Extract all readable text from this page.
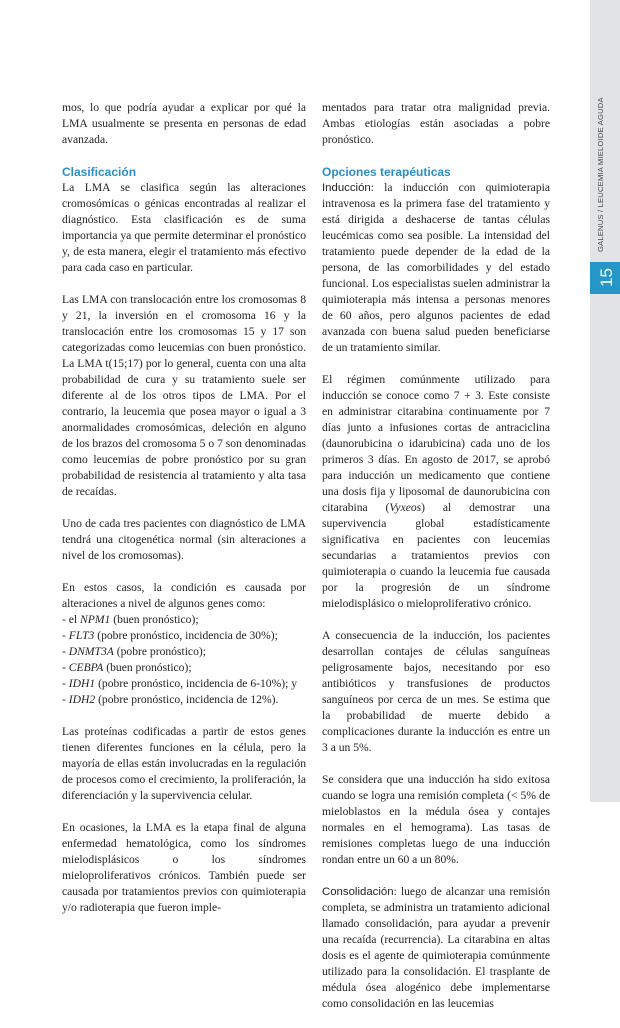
GALENUS / LEUCEMIA MIELOIDE AGUDA
15

mos, lo que podría ayudar a explicar por qué la LMA usualmente se presenta en personas de edad avanzada.

Clasificación

La LMA se clasifica según las alteraciones cromosómicas o génicas encontradas al realizar el diagnóstico. Esta clasificación es de suma importancia ya que permite determinar el pronóstico y, de esta manera, elegir el tratamiento más efectivo para cada caso en particular.

Las LMA con translocación entre los cromosomas 8 y 21, la inversión en el cromosoma 16 y la translocación entre los cromosomas 15 y 17 son categorizadas como leucemias con buen pronóstico. La LMA t(15;17) por lo general, cuenta con una alta probabilidad de cura y su tratamiento suele ser diferente al de los otros tipos de LMA. Por el contrario, la leucemia que posea mayor o igual a 3 anormalidades cromosómicas, deleción en alguno de los brazos del cromosoma 5 o 7 son denominadas como leucemias de pobre pronóstico por su gran probabilidad de resistencia al tratamiento y alta tasa de recaídas.

Uno de cada tres pacientes con diagnóstico de LMA tendrá una citogenética normal (sin alteraciones a nivel de los cromosomas).

En estos casos, la condición es causada por alteraciones a nivel de algunos genes como:

- el NPM1 (buen pronóstico);
- FLT3 (pobre pronóstico, incidencia de 30%);
- DNMT3A (pobre pronóstico);
- CEBPA (buen pronóstico);
- IDH1 (pobre pronóstico, incidencia de 6-10%); y
- IDH2 (pobre pronóstico, incidencia de 12%).

Las proteínas codificadas a partir de estos genes tienen diferentes funciones en la célula, pero la mayoría de ellas están involucradas en la regulación de procesos como el crecimiento, la proliferación, la diferenciación y la supervivencia celular.

En ocasiones, la LMA es la etapa final de alguna enfermedad hematológica, como los síndromes mielodisplásicos o los síndromes mieloproliferativos crónicos. También puede ser causada por tratamientos previos con quimioterapia y/o radioterapia que fueron imple-

mentados para tratar otra malignidad previa. Ambas etiologías están asociadas a pobre pronóstico.

Opciones terapéuticas

Inducción: la inducción con quimioterapia intravenosa es la primera fase del tratamiento y está dirigida a deshacerse de tantas células leucémicas como sea posible. La intensidad del tratamiento puede depender de la edad de la persona, de las comorbilidades y del estado funcional. Los especialistas suelen administrar la quimioterapia más intensa a personas menores de 60 años, pero algunos pacientes de edad avanzada con buena salud pueden beneficiarse de un tratamiento similar.

El régimen comúnmente utilizado para inducción se conoce como 7 + 3. Este consiste en administrar citarabina continuamente por 7 días junto a infusiones cortas de antraciclina (daunorubicina o idarubicina) cada uno de los primeros 3 días. En agosto de 2017, se aprobó para inducción un medicamento que contiene una dosis fija y liposomal de daunorubicina con citarabina (Vyxeos) al demostrar una supervivencia global estadísticamente significativa en pacientes con leucemias secundarias a tratamientos previos con quimioterapia o cuando la leucemia fue causada por la progresión de un síndrome mielodisplásico o mieloproliferativo crónico.

A consecuencia de la inducción, los pacientes desarrollan contajes de células sanguíneas peligrosamente bajos, necesitando por eso antibióticos y transfusiones de productos sanguíneos por cerca de un mes. Se estima que la probabilidad de muerte debido a complicaciones durante la inducción es entre un 3 a un 5%.

Se considera que una inducción ha sido exitosa cuando se logra una remisión completa (< 5% de mieloblastos en la médula ósea y contajes normales en el hemograma). Las tasas de remisiones completas luego de una inducción rondan entre un 60 a un 80%.

Consolidación: luego de alcanzar una remisión completa, se administra un tratamiento adicional llamado consolidación, para ayudar a prevenir una recaída (recurrencia). La citarabina en altas dosis es el agente de quimioterapia comúnmente utilizado para la consolidación. El trasplante de médula ósea alogénico debe implementarse como consolidación en las leucemias
